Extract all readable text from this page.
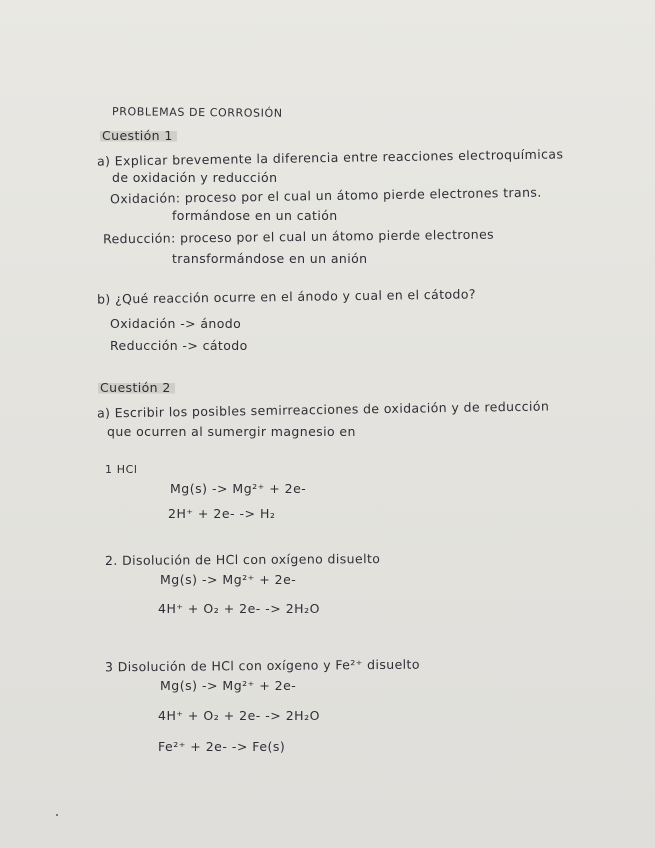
PROBLEMAS DE CORROSIÓN
Cuestión 1
a) Explicar brevemente la diferencia entre reacciones electroquímicas
de oxidación y reducción
Oxidación: proceso por el cual un átomo pierde electrones trans.
formándose en un catión
Reducción: proceso por el cual un átomo pierde electrones
transformándose en un anión
b) ¿Qué reacción ocurre en el ánodo y cual en el cátodo?
Oxidación -> ánodo
Reducción -> cátodo
Cuestión 2
a) Escribir los posibles semirreacciones de oxidación y de reducción
que ocurren al sumergir magnesio en
1 HCl
Mg(s) -> Mg²⁺ + 2e-
2H⁺ + 2e- -> H₂
2. Disolución de HCl con oxígeno disuelto
Mg(s) -> Mg²⁺ + 2e-
4H⁺ + O₂ + 2e- -> 2H₂O
3 Disolución de HCl con oxígeno y Fe²⁺ disuelto
Mg(s) -> Mg²⁺ + 2e-
4H⁺ + O₂ + 2e- -> 2H₂O
Fe²⁺ + 2e- -> Fe(s)
